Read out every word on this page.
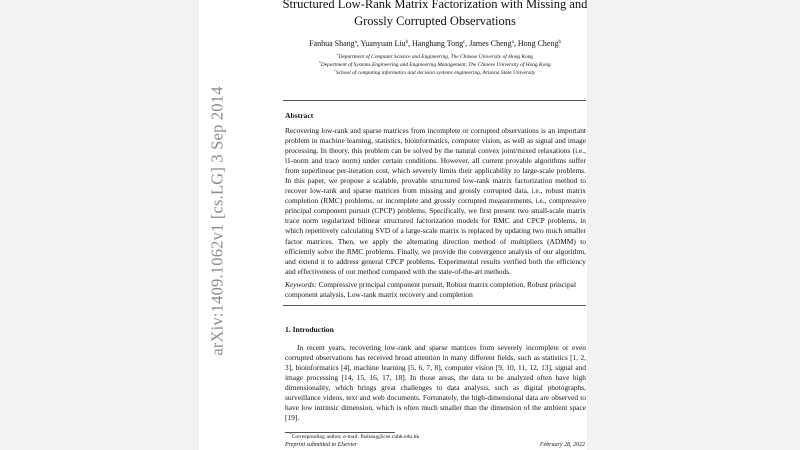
arXiv:1409.1062v1 [cs.LG] 3 Sep 2014
Structured Low-Rank Matrix Factorization with Missing and
Grossly Corrupted Observations
Fanhua Shang$^a$, Yuanyuan Liu$^b$, Hanghang Tong$^c$, James Cheng$^a$, Hong Cheng$^b$
$^a$Department of Computer Science and Engineering, The Chinese University of Hong Kong
$^b$Department of Systems Engineering and Engineering Management, The Chinese University of Hong Kong
$^c$School of computing informatics and decision systems engineering, Arizona State University
Abstract
Recovering low-rank and sparse matrices from incomplete or corrupted observations is an important problem in machine learning, statistics, bioinformatics, computer vision, as well as signal and image processing. In theory, this problem can be solved by the natural convex joint/mixed relaxations (i.e., l1-norm and trace norm) under certain conditions. However, all current provable algorithms suffer from superlinear per-iteration cost, which severely limits their applicability to large-scale problems. In this paper, we propose a scalable, provable structured low-rank matrix factorization method to recover low-rank and sparse matrices from missing and grossly corrupted data, i.e., robust matrix completion (RMC) problems, or incomplete and grossly corrupted measurements, i.e., compressive principal component pursuit (CPCP) problems. Specifically, we first present two small-scale matrix trace norm regularized bilinear structured factorization models for RMC and CPCP problems, in which repetitively calculating SVD of a large-scale matrix is replaced by updating two much smaller factor matrices. Then, we apply the alternating direction method of multipliers (ADMM) to efficiently solve the RMC problems. Finally, we provide the convergence analysis of our algorithm, and extend it to address general CPCP problems. Experimental results verified both the efficiency and effectiveness of our method compared with the state-of-the-art methods.
Keywords: Compressive principal component pursuit, Robust matrix completion, Robust principal component analysis, Low-rank matrix recovery and completion
1. Introduction
In recent years, recovering low-rank and sparse matrices from severely incomplete or even corrupted observations has received broad attention in many different fields, such as statistics [1, 2, 3], bioinformatics [4], machine learning [5, 6, 7, 8], computer vision [9, 10, 11, 12, 13], signal and image processing [14, 15, 16, 17, 18]. In those areas, the data to be analyzed often have high dimensionality, which brings great challenges to data analysis, such as digital photographs, surveillance videos, text and web documents. Fortunately, the high-dimensional data are observed to have low intrinsic dimension, which is often much smaller than the dimension of the ambient space [19].
*Corresponding author, e-mail: fhshang@cse.cuhk.edu.hk
Preprint submitted to Elsevier	February 28, 2022
